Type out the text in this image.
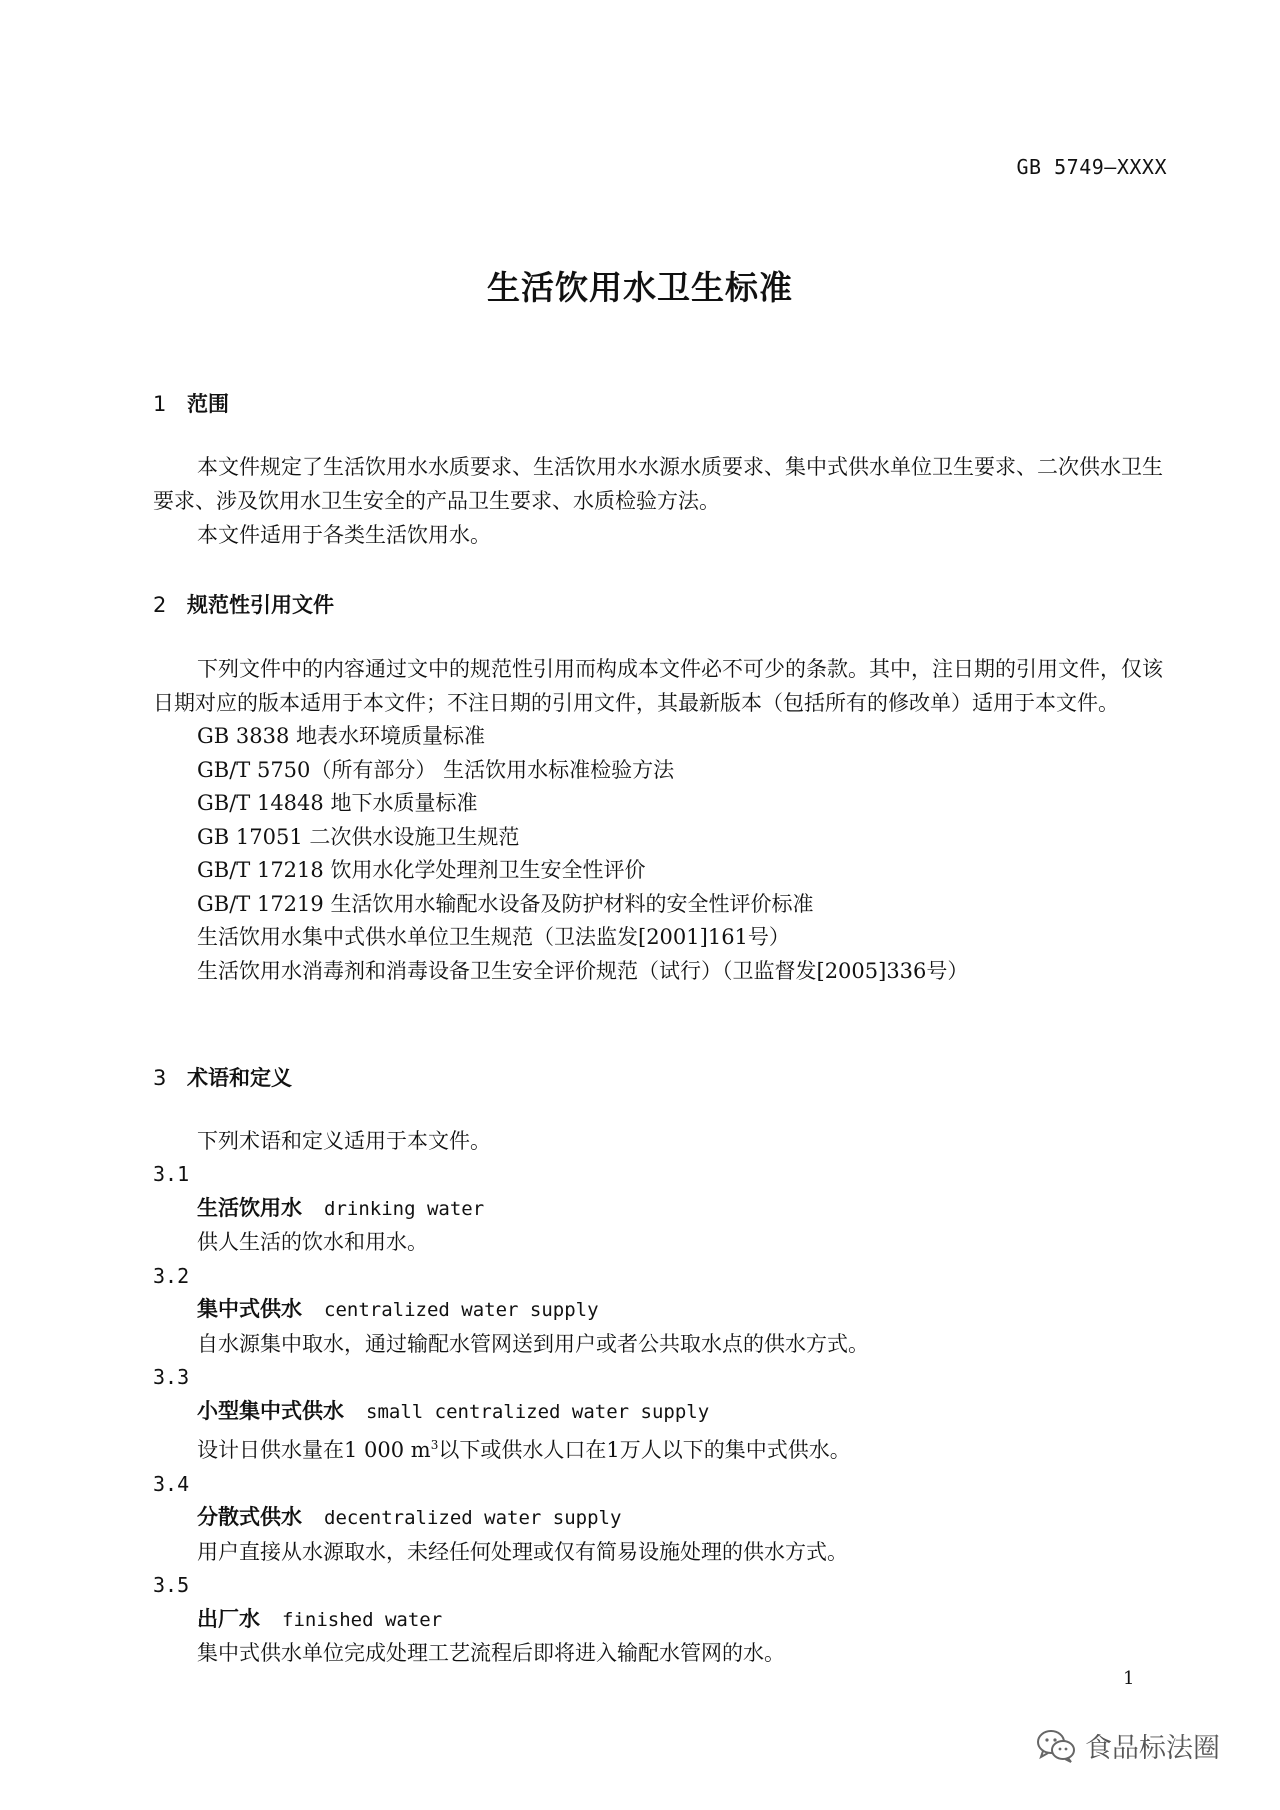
GB 5749—XXXX
生活饮用水卫生标准
1 范围

本文件规定了生活饮用水水质要求、生活饮用水水源水质要求、集中式供水单位卫生要求、二次供水卫生要求、涉及饮用水卫生安全的产品卫生要求、水质检验方法。

本文件适用于各类生活饮用水。

2 规范性引用文件

下列文件中的内容通过文中的规范性引用而构成本文件必不可少的条款。其中，注日期的引用文件，仅该日期对应的版本适用于本文件；不注日期的引用文件，其最新版本（包括所有的修改单）适用于本文件。

GB 3838 地表水环境质量标准
GB/T 5750（所有部分） 生活饮用水标准检验方法
GB/T 14848 地下水质量标准
GB 17051 二次供水设施卫生规范
GB/T 17218 饮用水化学处理剂卫生安全性评价
GB/T 17219 生活饮用水输配水设备及防护材料的安全性评价标准
生活饮用水集中式供水单位卫生规范（卫法监发[2001]161号）
生活饮用水消毒剂和消毒设备卫生安全评价规范（试行）（卫监督发[2005]336号）
3 术语和定义

下列术语和定义适用于本文件。

3.1

生活饮用水 drinking water

供人生活的饮水和用水。

3.2

集中式供水 centralized water supply

自水源集中取水，通过输配水管网送到用户或者公共取水点的供水方式。

3.3

小型集中式供水 small centralized water supply

设计日供水量在1 000 $m^3$以下或供水人口在1万人以下的集中式供水。

3.4

分散式供水 decentralized water supply

用户直接从水源取水，未经任何处理或仅有简易设施处理的供水方式。

3.5

出厂水 finished water

集中式供水单位完成处理工艺流程后即将进入输配水管网的水。

1
食品标法圈
